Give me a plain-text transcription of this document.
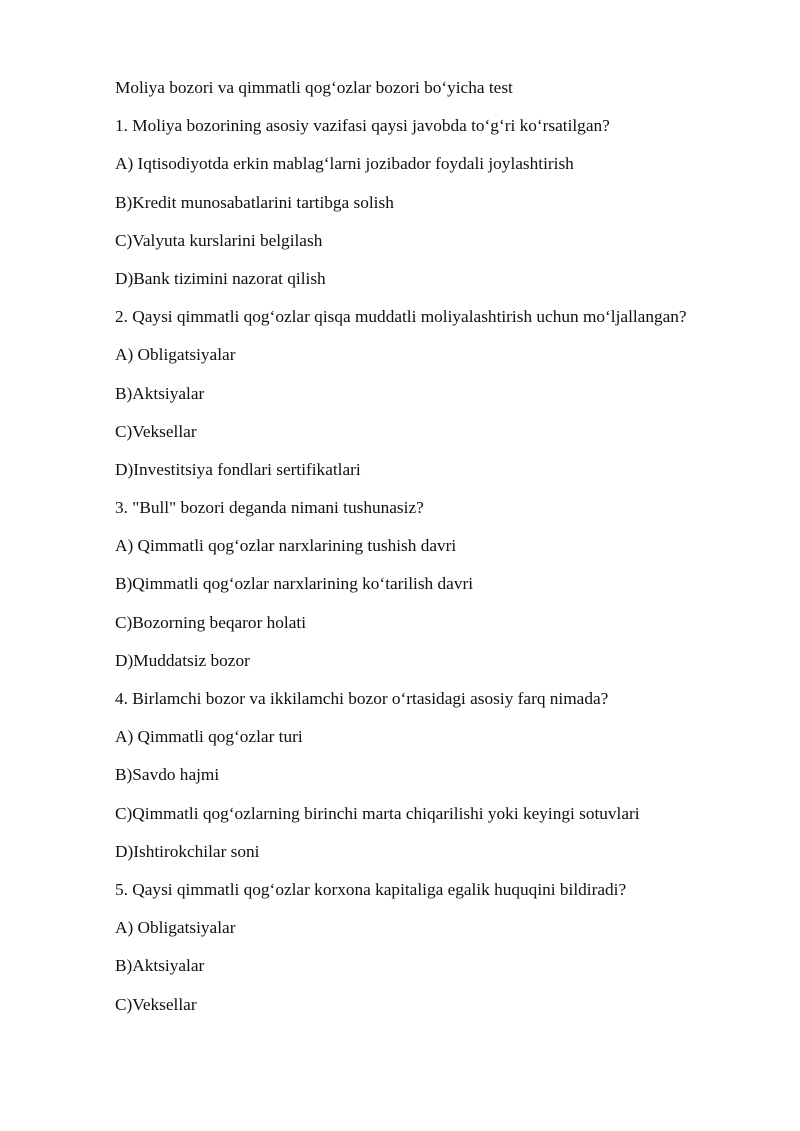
Moliya bozori va qimmatli qog‘ozlar bozori bo‘yicha test
1. Moliya bozorining asosiy vazifasi qaysi javobda to‘g‘ri ko‘rsatilgan?
A) Iqtisodiyotda erkin mablag‘larni jozibador foydali joylashtirish
B)Kredit munosabatlarini tartibga solish
C)Valyuta kurslarini belgilash
D)Bank tizimini nazorat qilish
2. Qaysi qimmatli qog‘ozlar qisqa muddatli moliyalashtirish uchun mo‘ljallangan?
A) Obligatsiyalar
B)Aktsiyalar
C)Veksellar
D)Investitsiya fondlari sertifikatlari
3. "Bull" bozori deganda nimani tushunasiz?
A) Qimmatli qog‘ozlar narxlarining tushish davri
B)Qimmatli qog‘ozlar narxlarining ko‘tarilish davri
C)Bozorning beqaror holati
D)Muddatsiz bozor
4. Birlamchi bozor va ikkilamchi bozor o‘rtasidagi asosiy farq nimada?
A) Qimmatli qog‘ozlar turi
B)Savdo hajmi
C)Qimmatli qog‘ozlarning birinchi marta chiqarilishi yoki keyingi sotuvlari
D)Ishtirokchilar soni
5. Qaysi qimmatli qog‘ozlar korxona kapitaliga egalik huquqini bildiradi?
A) Obligatsiyalar
B)Aktsiyalar
C)Veksellar
